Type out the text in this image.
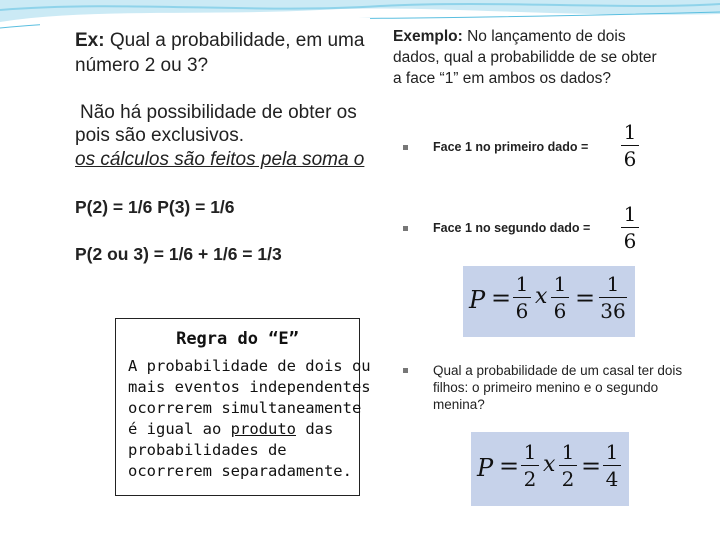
Ex: Qual a probabilidade, em uma
número 2 ou 3?
Não há possibilidade de obter os
pois são exclusivos.
os cálculos são feitos pela soma o
P(2) = 1/6 P(3) = 1/6
P(2 ou 3) = 1/6 + 1/6 = 1/3
Regra do “E”
A probabilidade de dois ou
mais eventos independentes
ocorrerem simultaneamente
é igual ao produto das
probabilidades de
ocorrerem separadamente.
Exemplo: No lançamento de dois
dados, qual a probabilidde de se obter
a face “1” em ambos os dados?
Face 1 no primeiro dado =
1
6
Face 1 no segundo dado =
1
6
P = 1
6
x 1
6 = 1
36
Qual a probabilidade de um casal ter dois
filhos: o primeiro menino e o segundo
menina?
P = 1
2
x 1
2 = 1
4
